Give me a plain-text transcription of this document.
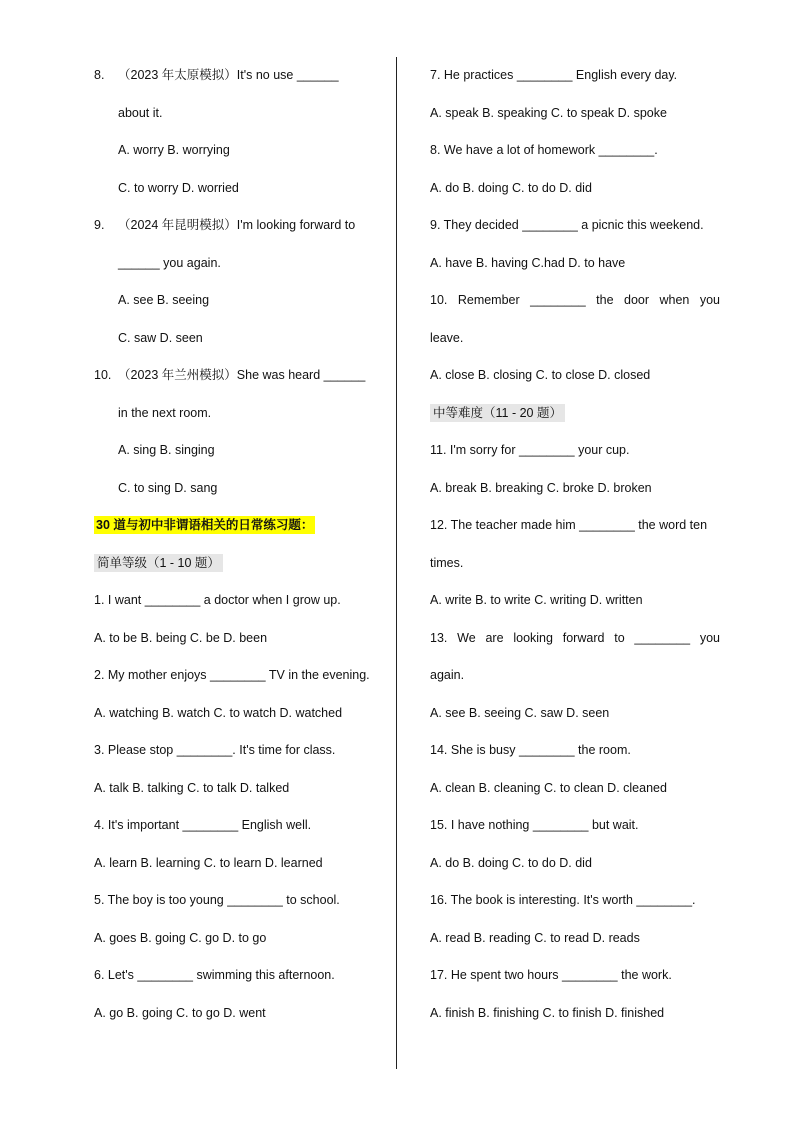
8. （2023 年太原模拟）It's no use ______
about it.
A. worry B. worrying
C. to worry D. worried
9. （2024 年昆明模拟）I'm looking forward to
______ you again.
A. see B. seeing
C. saw D. seen
10. （2023 年兰州模拟）She was heard ______
in the next room.
A. sing B. singing
C. to sing D. sang
30 道与初中非谓语相关的日常练习题：
简单等级（1 - 10 题）
1. I want ________ a doctor when I grow up.
A. to be B. being C. be D. been
2. My mother enjoys ________ TV in the evening.
A. watching B. watch C. to watch D. watched
3. Please stop ________. It's time for class.
A. talk B. talking C. to talk D. talked
4. It's important ________ English well.
A. learn B. learning C. to learn D. learned
5. The boy is too young ________ to school.
A. goes B. going C. go D. to go
6. Let's ________ swimming this afternoon.
A. go B. going C. to go D. went
7. He practices ________ English every day.
A. speak B. speaking C. to speak D. spoke
8. We have a lot of homework ________.
A. do B. doing C. to do D. did
9. They decided ________ a picnic this weekend.
A. have B. having C.had D. to have
10. Remember ________ the door when you
leave.
A. close B. closing C. to close D. closed
中等难度（11 - 20 题）
11. I'm sorry for ________ your cup.
A. break B. breaking C. broke D. broken
12. The teacher made him ________ the word ten
times.
A. write B. to write C. writing D. written
13. We are looking forward to ________ you
again.
A. see B. seeing C. saw D. seen
14. She is busy ________ the room.
A. clean B. cleaning C. to clean D. cleaned
15. I have nothing ________ but wait.
A. do B. doing C. to do D. did
16. The book is interesting. It's worth ________.
A. read B. reading C. to read D. reads
17. He spent two hours ________ the work.
A. finish B. finishing C. to finish D. finished
